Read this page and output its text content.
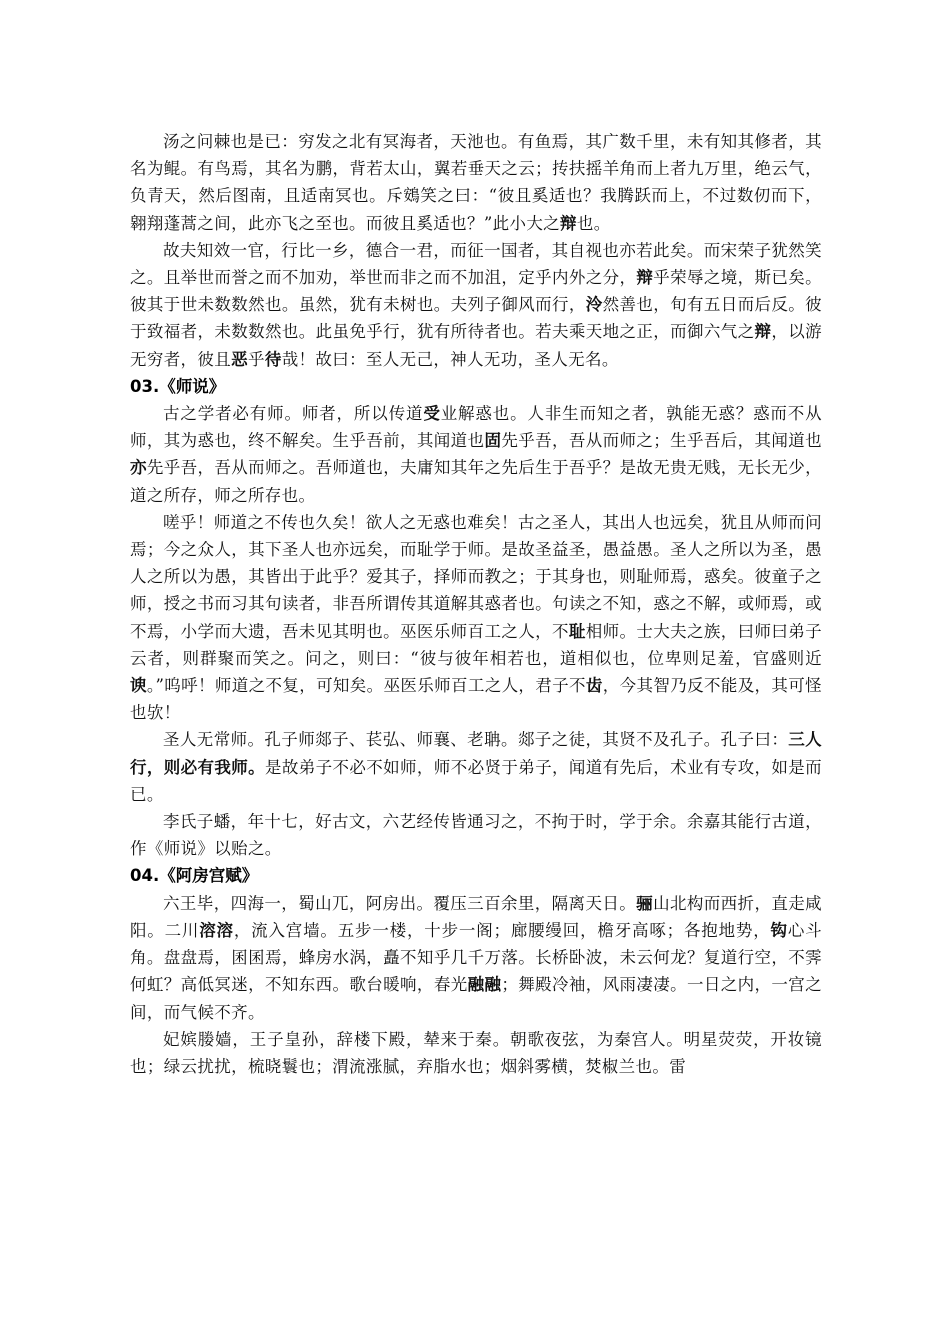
汤之问棘也是已：穷发之北有冥海者，天池也。有鱼焉，其广数千里，未有知其修者，其名为鲲。有鸟焉，其名为鹏，背若太山，翼若垂天之云；抟扶摇羊角而上者九万里，绝云气，负青天，然后图南，且适南冥也。斥鴳笑之曰：“彼且奚适也？我腾跃而上，不过数仞而下，翱翔蓬蒿之间，此亦飞之至也。而彼且奚适也？”此小大之辩也。

故夫知效一官，行比一乡，德合一君，而征一国者，其自视也亦若此矣。而宋荣子犹然笑之。且举世而誉之而不加劝，举世而非之而不加沮，定乎内外之分，辩乎荣辱之境，斯已矣。彼其于世未数数然也。虽然，犹有未树也。夫列子御风而行，泠然善也，旬有五日而后反。彼于致福者，未数数然也。此虽免乎行，犹有所待者也。若夫乘天地之正，而御六气之辩，以游无穷者，彼且恶乎待哉！故曰：至人无己，神人无功，圣人无名。

03.《师说》

古之学者必有师。师者，所以传道受业解惑也。人非生而知之者，孰能无惑？惑而不从师，其为惑也，终不解矣。生乎吾前，其闻道也固先乎吾，吾从而师之；生乎吾后，其闻道也亦先乎吾，吾从而师之。吾师道也，夫庸知其年之先后生于吾乎？是故无贵无贱，无长无少，道之所存，师之所存也。

嗟乎！师道之不传也久矣！欲人之无惑也难矣！古之圣人，其出人也远矣，犹且从师而问焉；今之众人，其下圣人也亦远矣，而耻学于师。是故圣益圣，愚益愚。圣人之所以为圣，愚人之所以为愚，其皆出于此乎？爱其子，择师而教之；于其身也，则耻师焉，惑矣。彼童子之师，授之书而习其句读者，非吾所谓传其道解其惑者也。句读之不知，惑之不解，或师焉，或不焉，小学而大遗，吾未见其明也。巫医乐师百工之人，不耻相师。士大夫之族，曰师曰弟子云者，则群聚而笑之。问之，则曰：“彼与彼年相若也，道相似也，位卑则足羞，官盛则近谀。”呜呼！师道之不复，可知矣。巫医乐师百工之人，君子不齿，今其智乃反不能及，其可怪也欤！

圣人无常师。孔子师郯子、苌弘、师襄、老聃。郯子之徒，其贤不及孔子。孔子曰：三人行，则必有我师。是故弟子不必不如师，师不必贤于弟子，闻道有先后，术业有专攻，如是而已。

李氏子蟠，年十七，好古文，六艺经传皆通习之，不拘于时，学于余。余嘉其能行古道，作《师说》以贻之。

04.《阿房宫赋》

六王毕，四海一，蜀山兀，阿房出。覆压三百余里，隔离天日。骊山北构而西折，直走咸阳。二川溶溶，流入宫墙。五步一楼，十步一阁；廊腰缦回，檐牙高啄；各抱地势，钩心斗角。盘盘焉，囷囷焉，蜂房水涡，矗不知乎几千万落。长桥卧波，未云何龙？复道行空，不霁何虹？高低冥迷，不知东西。歌台暖响，春光融融；舞殿冷袖，风雨凄凄。一日之内，一宫之间，而气候不齐。

妃嫔媵嫱，王子皇孙，辞楼下殿，辇来于秦。朝歌夜弦，为秦宫人。明星荧荧，开妆镜也；绿云扰扰，梳晓鬟也；渭流涨腻，弃脂水也；烟斜雾横，焚椒兰也。雷
